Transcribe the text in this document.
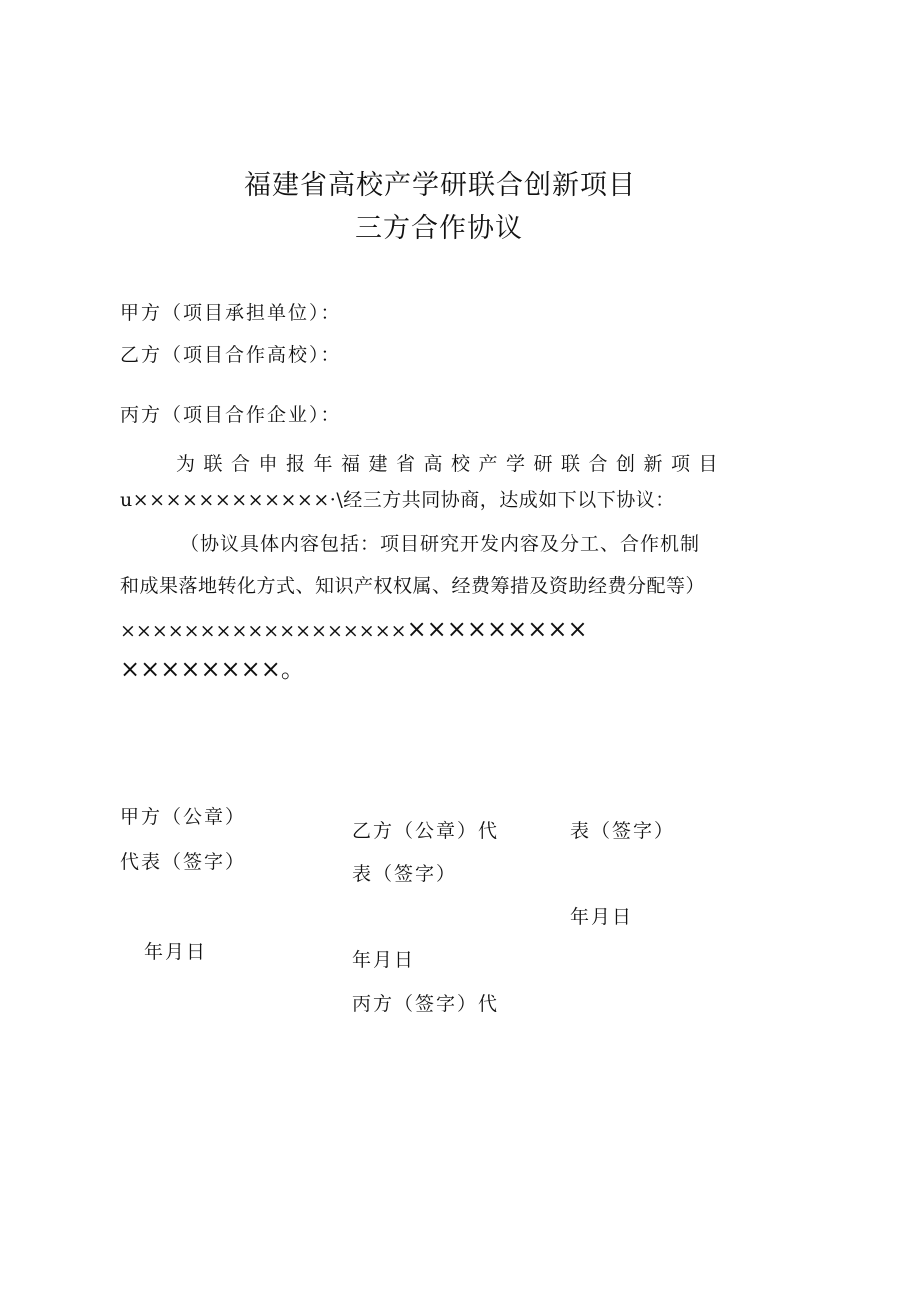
福建省高校产学研联合创新项目
三方合作协议
甲方（项目承担单位）：
乙方（项目合作高校）：
丙方（项目合作企业）：
为联合申报年福建省高校产学研联合创新项目
u××××××××××××·\经三方共同协商，达成如下以下协议：
（协议具体内容包括：项目研究开发内容及分工、合作机制
和成果落地转化方式、知识产权权属、经费筹措及资助经费分配等）
×××××××××××××××××××××××××××
××××××××。
甲方（公章）
代表（签字）
年月日
乙方（公章）代
表（签字）
年月日
丙方（签字）代
表（签字）
年月日
